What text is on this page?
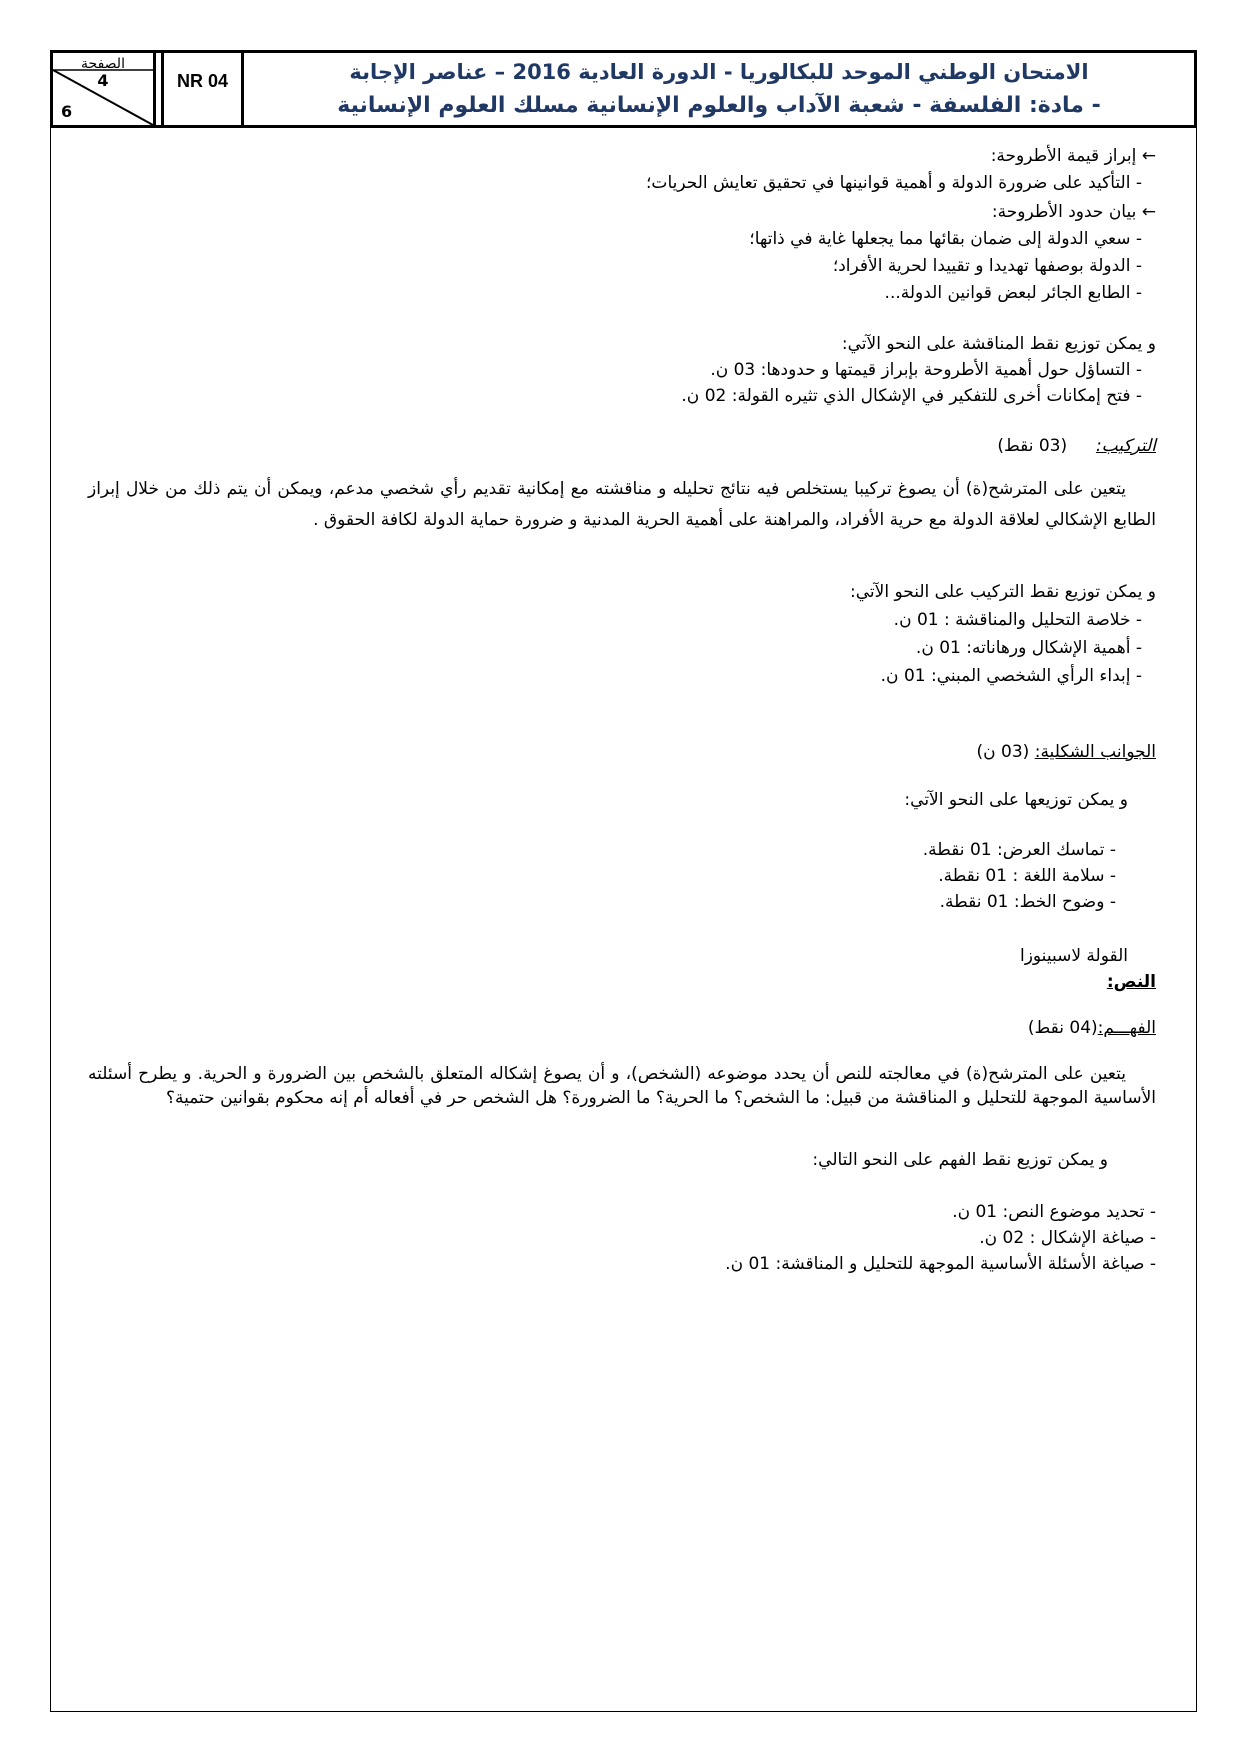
الصفحة
4
6
NR 04	الامتحان الوطني الموحد للبكالوريا - الدورة العادية 2016 – عناصر الإجابة
- مادة: الفلسفة - شعبة الآداب والعلوم الإنسانية مسلك العلوم الإنسانية
← إبراز قيمة الأطروحة:
- التأكيد على ضرورة الدولة و أهمية قوانينها في تحقيق تعايش الحريات؛
← بيان حدود الأطروحة:
- سعي الدولة إلى ضمان بقائها مما يجعلها غاية في ذاتها؛
- الدولة بوصفها تهديدا و تقييدا لحرية الأفراد؛
- الطابع الجائر لبعض قوانين الدولة...
و يمكن توزيع نقط المناقشة على النحو الآتي:
- التساؤل حول أهمية الأطروحة بإبراز قيمتها و حدودها: 03 ن.
- فتح إمكانات أخرى للتفكير في الإشكال الذي تثيره القولة: 02 ن.
التركيب:  (03 نقط)
يتعين على المترشح(ة) أن يصوغ تركيبا يستخلص فيه نتائج تحليله و مناقشته مع إمكانية تقديم رأي شخصي مدعم، ويمكن أن يتم ذلك من خلال إبراز الطابع الإشكالي لعلاقة الدولة مع حرية الأفراد، والمراهنة على أهمية الحرية المدنية و ضرورة حماية الدولة لكافة الحقوق .
و يمكن توزيع نقط التركيب على النحو الآتي:
- خلاصة التحليل والمناقشة : 01 ن.
- أهمية الإشكال ورهاناته: 01 ن.
- إبداء الرأي الشخصي المبني: 01 ن.
الجوانب الشكلية: (03 ن)
و يمكن توزيعها على النحو الآتي:
- تماسك العرض: 01 نقطة.
- سلامة اللغة : 01 نقطة.
- وضوح الخط: 01 نقطة.
القولة لاسبينوزا
النص:
الفهـــم:(04 نقط)
يتعين على المترشح(ة) في معالجته للنص أن يحدد موضوعه (الشخص)، و أن يصوغ إشكاله المتعلق بالشخص بين الضرورة و الحرية. و يطرح أسئلته الأساسية الموجهة للتحليل و المناقشة من قبيل: ما الشخص؟ ما الحرية؟ ما الضرورة؟ هل الشخص حر في أفعاله أم إنه محكوم بقوانين حتمية؟
و يمكن توزيع نقط الفهم على النحو التالي:
- تحديد موضوع النص: 01 ن.
- صياغة الإشكال : 02 ن.
- صياغة الأسئلة الأساسية الموجهة للتحليل و المناقشة: 01 ن.
